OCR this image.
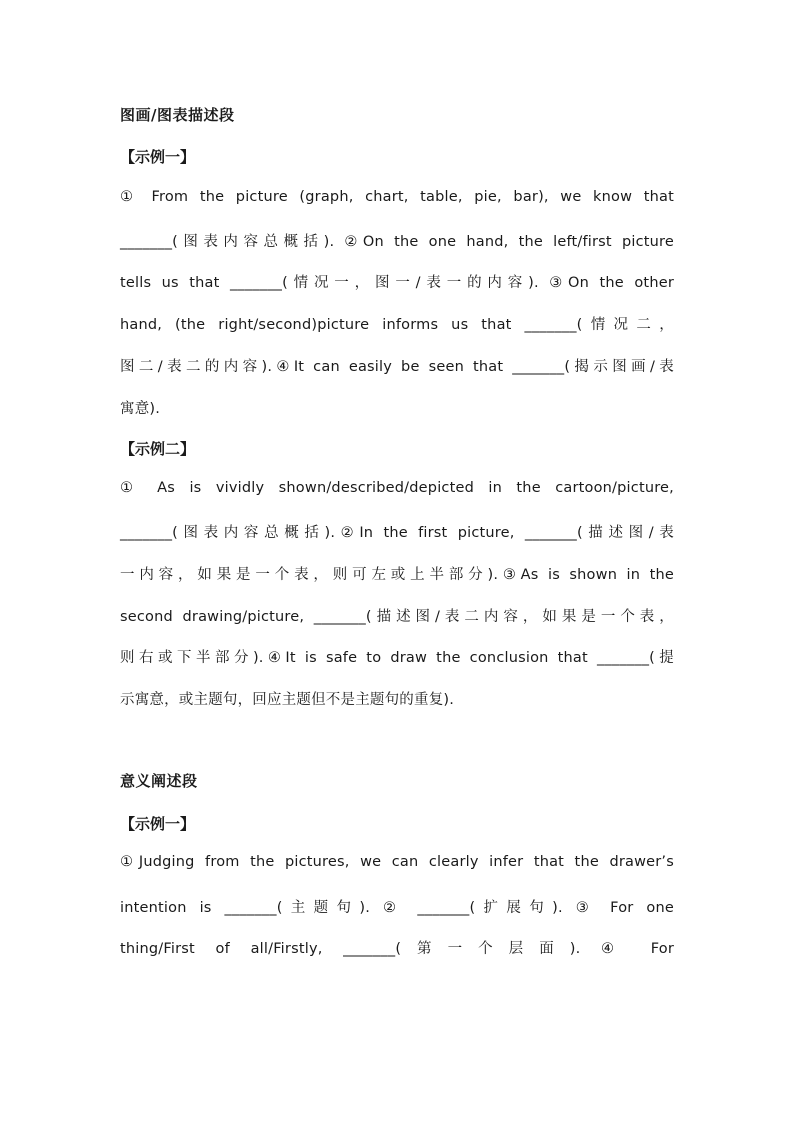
图画/图表描述段
【示例一】
① From the picture (graph, chart, table, pie, bar), we know that
_______(图表内容总概括). ②On the one hand, the left/first picture
tells us that _______(情况一，图一/表一的内容). ③On the other
hand, (the right/second)picture informs us that _______(情况二，
图二/表二的内容).④It can easily be seen that _______(揭示图画/表
寓意).
【示例二】
① As is vividly shown/described/depicted in the cartoon/picture,
_______(图表内容总概括).②In the first picture, _______(描述图/表
一内容，如果是一个表，则可左或上半部分).③As is shown in the
second drawing/picture, _______(描述图/表二内容，如果是一个表，
则右或下半部分).④It is safe to draw the conclusion that _______(提
示寓意，或主题句，回应主题但不是主题句的重复).
意义阐述段
【示例一】
①Judging from the pictures, we can clearly infer that the drawer’s
intention is _______(主题句). ② _______(扩展句). ③ For one
thing/First of all/Firstly, _______(第一个层面). ④ For
